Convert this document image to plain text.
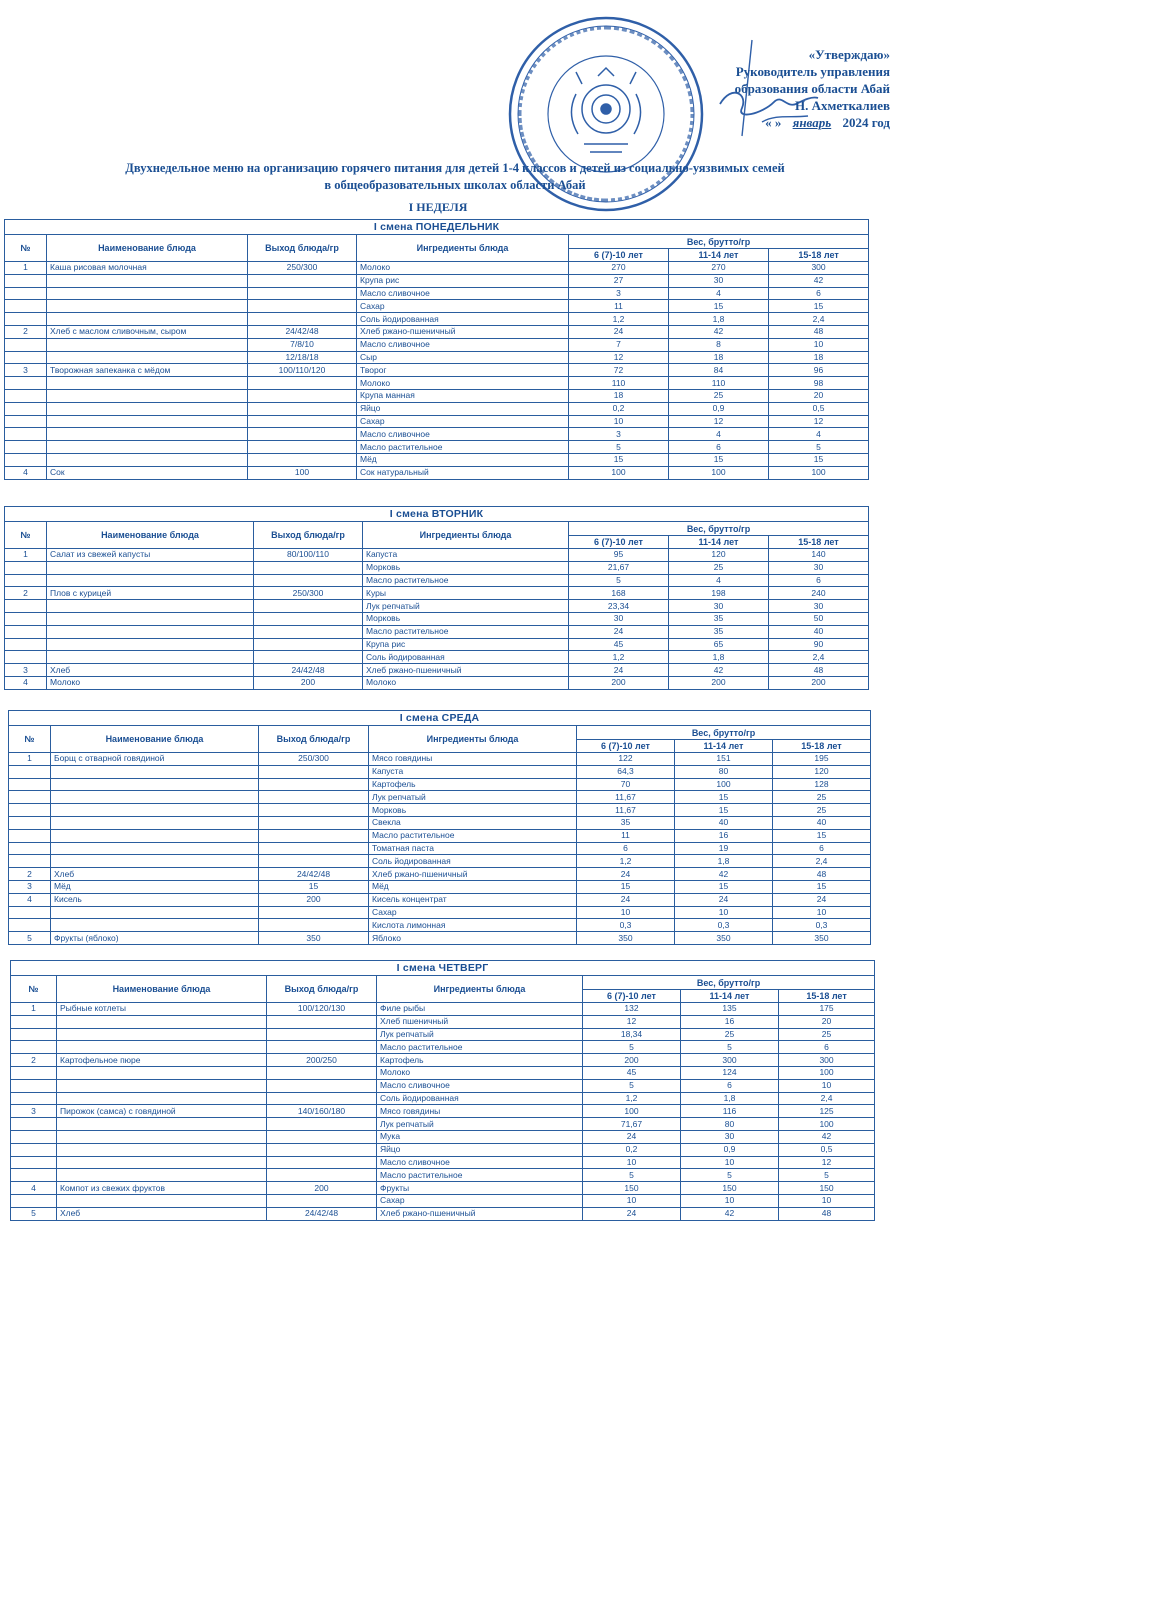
«Утверждаю»
Руководитель управления
образования области Абай
Н. Ахметкалиев
« » январь 2024 год
Двухнедельное меню на организацию горячего питания для детей 1-4 классов и детей из социально-уязвимых семей
в общеобразовательных школах области Абай
I НЕДЕЛЯ
I смена ПОНЕДЕЛЬНИК						
№	Наименование блюда	Выход блюда/гр	Ингредиенты блюда	Вес, брутто/гр		
				6 (7)-10 лет	11-14 лет	15-18 лет
1	Каша рисовая молочная	250/300	Молоко	270	270	300
			Крупа рис	27	30	42
			Масло сливочное	3	4	6
			Сахар	11	15	15
			Соль йодированная	1,2	1,8	2,4
2	Хлеб с маслом сливочным, сыром	24/42/48	Хлеб ржано-пшеничный	24	42	48
		7/8/10	Масло сливочное	7	8	10
		12/18/18	Сыр	12	18	18
3	Творожная запеканка с мёдом	100/110/120	Творог	72	84	96
			Молоко	110	110	98
			Крупа манная	18	25	20
			Яйцо	0,2	0,9	0,5
			Сахар	10	12	12
			Масло сливочное	3	4	4
			Масло растительное	5	6	5
			Мёд	15	15	15
4	Сок	100	Сок натуральный	100	100	100
I смена ВТОРНИК						
№	Наименование блюда	Выход блюда/гр	Ингредиенты блюда	Вес, брутто/гр		
				6 (7)-10 лет	11-14 лет	15-18 лет
1	Салат из свежей капусты	80/100/110	Капуста	95	120	140
			Морковь	21,67	25	30
			Масло растительное	5	4	6
2	Плов с курицей	250/300	Куры	168	198	240
			Лук репчатый	23,34	30	30
			Морковь	30	35	50
			Масло растительное	24	35	40
			Крупа рис	45	65	90
			Соль йодированная	1,2	1,8	2,4
3	Хлеб	24/42/48	Хлеб ржано-пшеничный	24	42	48
4	Молоко	200	Молоко	200	200	200
I смена СРЕДА						
№	Наименование блюда	Выход блюда/гр	Ингредиенты блюда	Вес, брутто/гр		
				6 (7)-10 лет	11-14 лет	15-18 лет
1	Борщ с отварной говядиной	250/300	Мясо говядины	122	151	195
			Капуста	64,3	80	120
			Картофель	70	100	128
			Лук репчатый	11,67	15	25
			Морковь	11,67	15	25
			Свекла	35	40	40
			Масло растительное	11	16	15
			Томатная паста	6	19	6
			Соль йодированная	1,2	1,8	2,4
2	Хлеб	24/42/48	Хлеб ржано-пшеничный	24	42	48
3	Мёд	15	Мёд	15	15	15
4	Кисель	200	Кисель концентрат	24	24	24
			Сахар	10	10	10
			Кислота лимонная	0,3	0,3	0,3
5	Фрукты (яблоко)	350	Яблоко	350	350	350
I смена ЧЕТВЕРГ						
№	Наименование блюда	Выход блюда/гр	Ингредиенты блюда	Вес, брутто/гр		
				6 (7)-10 лет	11-14 лет	15-18 лет
1	Рыбные котлеты	100/120/130	Филе рыбы	132	135	175
			Хлеб пшеничный	12	16	20
			Лук репчатый	18,34	25	25
			Масло растительное	5	5	6
2	Картофельное пюре	200/250	Картофель	200	300	300
			Молоко	45	124	100
			Масло сливочное	5	6	10
			Соль йодированная	1,2	1,8	2,4
3	Пирожок (самса) с говядиной	140/160/180	Мясо говядины	100	116	125
			Лук репчатый	71,67	80	100
			Мука	24	30	42
			Яйцо	0,2	0,9	0,5
			Масло сливочное	10	10	12
			Масло растительное	5	5	5
4	Компот из свежих фруктов	200	Фрукты	150	150	150
			Сахар	10	10	10
5	Хлеб	24/42/48	Хлеб ржано-пшеничный	24	42	48
